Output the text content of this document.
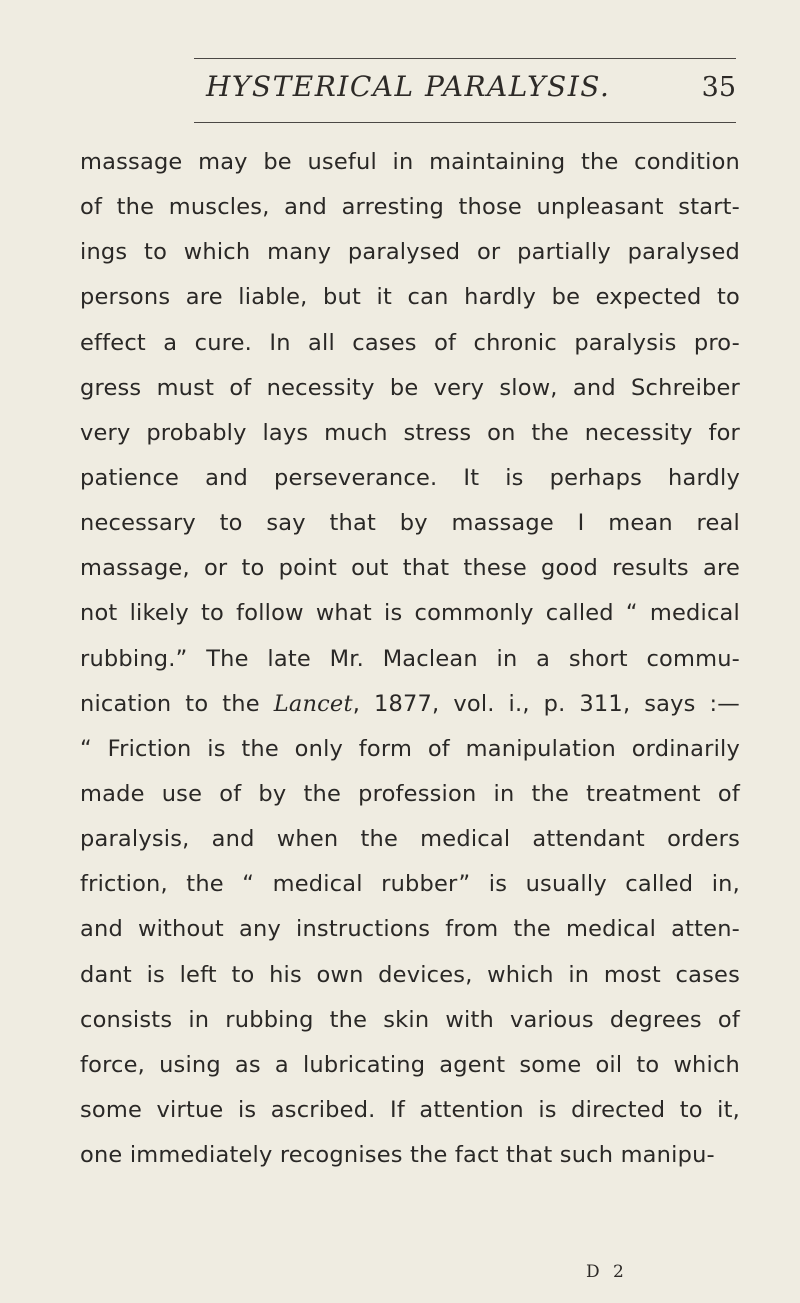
HYSTERICAL PARALYSIS.	35
massage may be useful in maintaining the condition
of the muscles, and arresting those unpleasant start-
ings to which many paralysed or partially paralysed
persons are liable, but it can hardly be expected to
effect a cure. In all cases of chronic paralysis pro-
gress must of necessity be very slow, and Schreiber
very probably lays much stress on the necessity for
patience and perseverance. It is perhaps hardly
necessary to say that by massage I mean real
massage, or to point out that these good results are
not likely to follow what is commonly called “ medical
rubbing.” The late Mr. Maclean in a short commu-
nication to the Lancet, 1877, vol. i., p. 311, says :—
“ Friction is the only form of manipulation ordinarily
made use of by the profession in the treatment of
paralysis, and when the medical attendant orders
friction, the “ medical rubber” is usually called in,
and without any instructions from the medical atten-
dant is left to his own devices, which in most cases
consists in rubbing the skin with various degrees of
force, using as a lubricating agent some oil to which
some virtue is ascribed. If attention is directed to it,
one immediately recognises the fact that such manipu-
D 2
